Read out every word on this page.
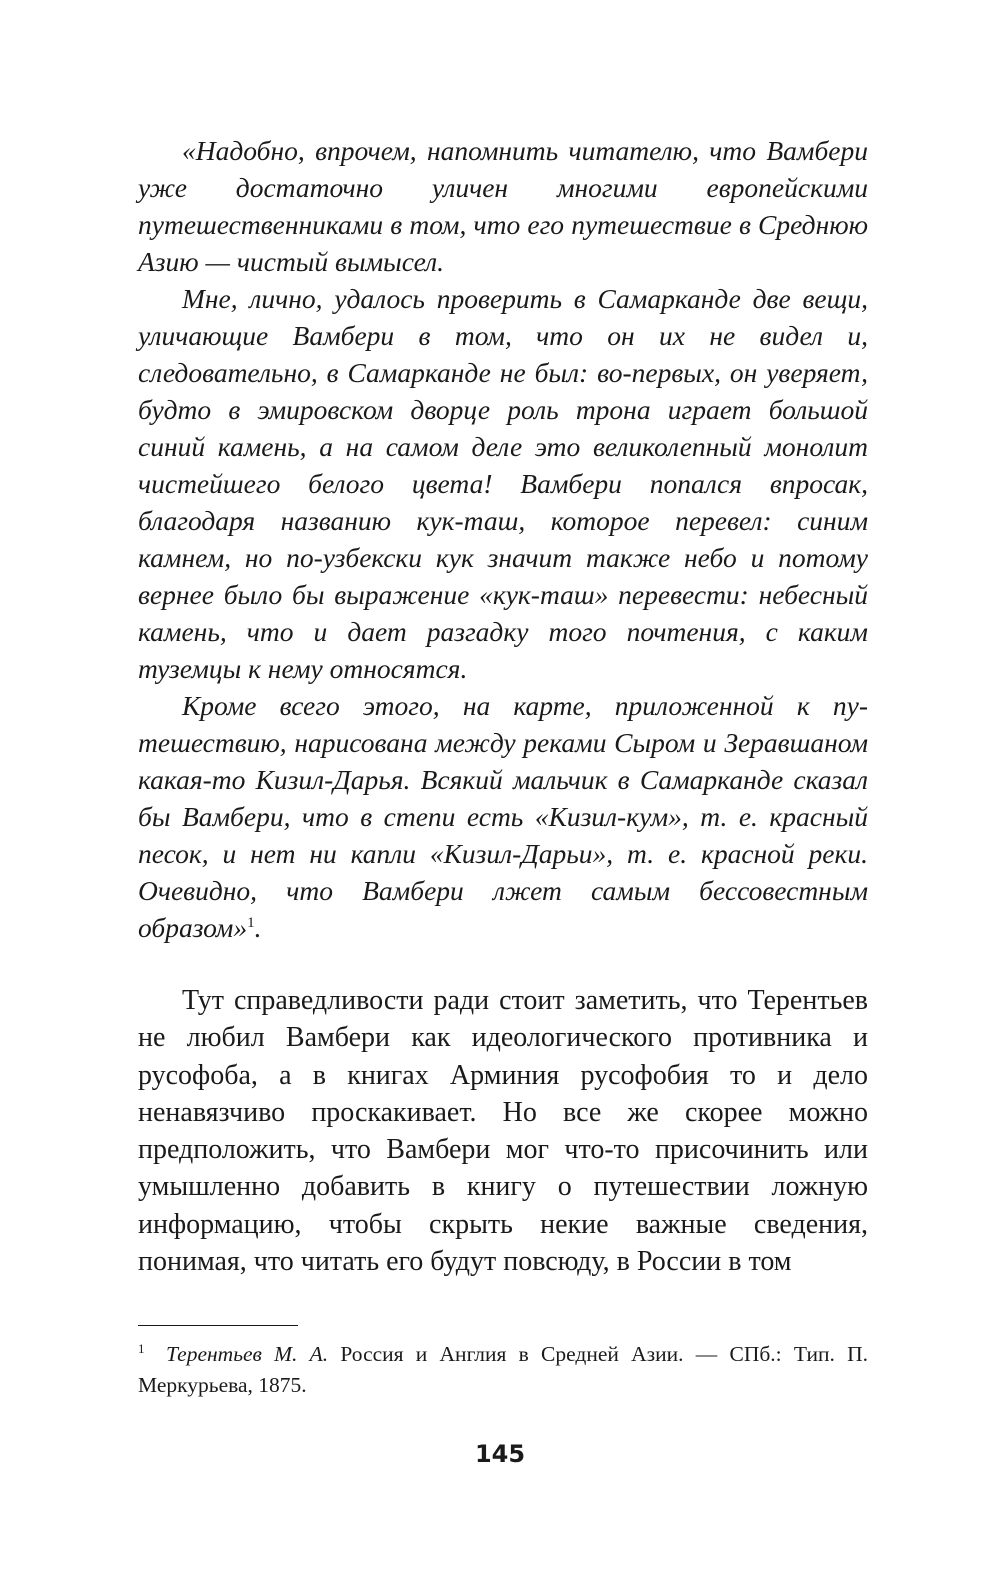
«Надобно, впрочем, напомнить читателю, что Вамбери уже достаточно уличен многими европейскими путешественниками в том, что его путешествие в Среднюю Азию — чистый вымысел.

Мне, лично, удалось проверить в Самарканде две вещи, уличающие Вамбери в том, что он их не видел и, следовательно, в Самарканде не был: во-первых, он уверяет, будто в эмировском дворце роль трона играет большой синий камень, а на самом деле это великолепный монолит чистейшего белого цвета! Вамбери попался впросак, благодаря названию кук-таш, которое перевел: синим камнем, но по-узбекски кук значит также небо и потому вернее было бы выражение «кук-таш» перевести: небесный камень, что и дает разгадку того почтения, с каким туземцы к нему относятся.

Кроме всего этого, на карте, приложенной к путешествию, нарисована между реками Сыром и Зеравшаном какая-то Кизил-Дарья. Всякий мальчик в Самарканде сказал бы Вамбери, что в степи есть «Кизил-кум», т. е. красный песок, и нет ни капли «Кизил-Дарьи», т. е. красной реки. Очевидно, что Вамбери лжет самым бессовестным образом»$^1$.

Тут справедливости ради стоит заметить, что Терентьев не любил Вамбери как идеологического противника и русофоба, а в книгах Арминия русофобия то и дело ненавязчиво проскакивает. Но все же скорее можно предположить, что Вамбери мог что-то присочинить или умышленно добавить в книгу о путешествии ложную информацию, чтобы скрыть некие важные сведения, понимая, что читать его будут повсюду, в России в том

1 Терентьев М. А. Россия и Англия в Средней Азии. — СПб.: Тип. П. Меркурьева, 1875.
145
